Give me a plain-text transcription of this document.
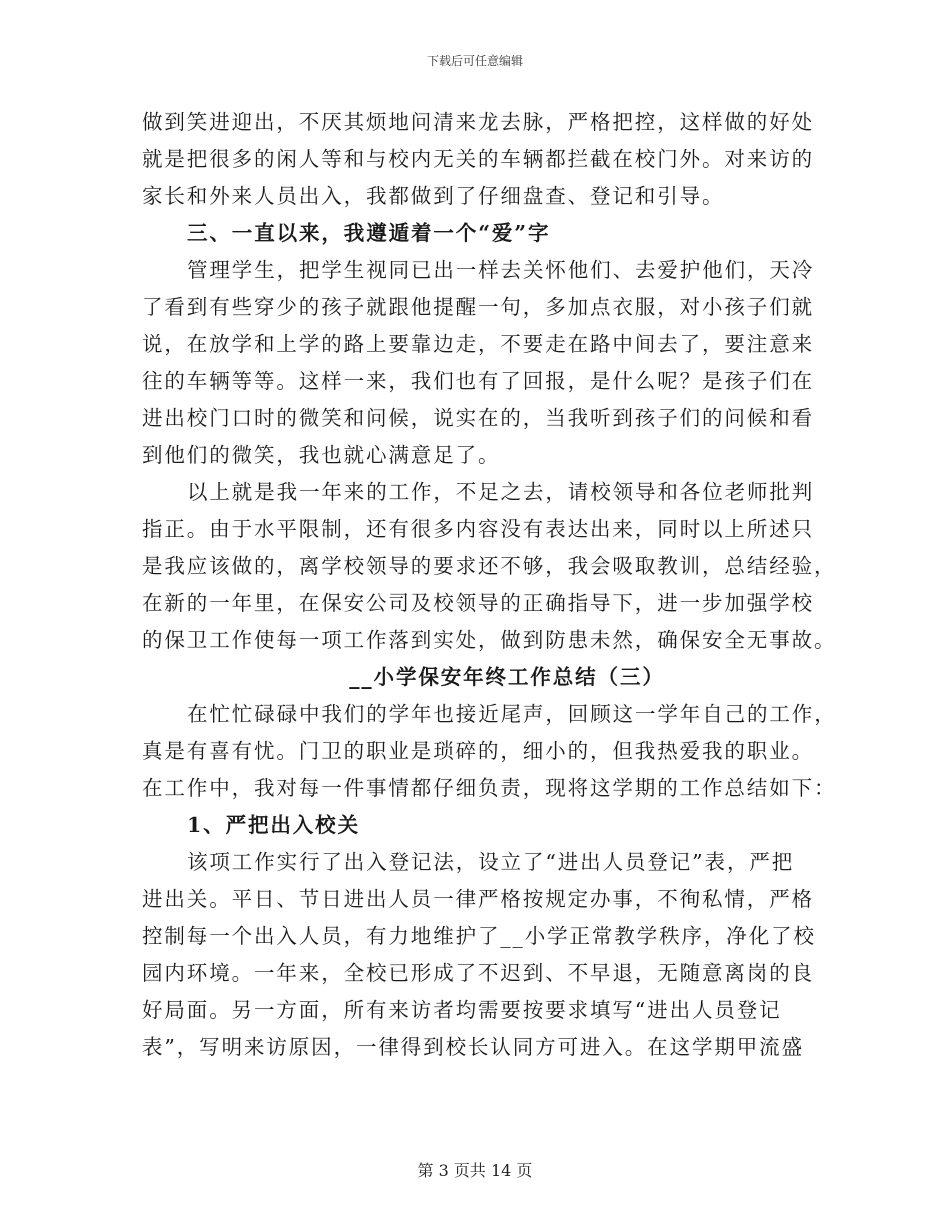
下载后可任意编辑
做到笑进迎出，不厌其烦地问清来龙去脉，严格把控，这样做的好处
就是把很多的闲人等和与校内无关的车辆都拦截在校门外。对来访的
家长和外来人员出入，我都做到了仔细盘查、登记和引导。
三、一直以来，我遵遁着一个“爱”字
管理学生，把学生视同已出一样去关怀他们、去爱护他们，天冷
了看到有些穿少的孩子就跟他提醒一句，多加点衣服，对小孩子们就
说，在放学和上学的路上要靠边走，不要走在路中间去了，要注意来
往的车辆等等。这样一来，我们也有了回报，是什么呢？是孩子们在
进出校门口时的微笑和问候，说实在的，当我听到孩子们的问候和看
到他们的微笑，我也就心满意足了。
以上就是我一年来的工作，不足之去，请校领导和各位老师批判
指正。由于水平限制，还有很多内容没有表达出来，同时以上所述只
是我应该做的，离学校领导的要求还不够，我会吸取教训，总结经验，
在新的一年里，在保安公司及校领导的正确指导下，进一步加强学校
的保卫工作使每一项工作落到实处，做到防患未然，确保安全无事故。
__小学保安年终工作总结（三）
在忙忙碌碌中我们的学年也接近尾声，回顾这一学年自己的工作，
真是有喜有忧。门卫的职业是琐碎的，细小的，但我热爱我的职业。
在工作中，我对每一件事情都仔细负责，现将这学期的工作总结如下：
1、严把出入校关
该项工作实行了出入登记法，设立了“进出人员登记”表，严把
进出关。平日、节日进出人员一律严格按规定办事，不徇私情，严格
控制每一个出入人员，有力地维护了__小学正常教学秩序，净化了校
园内环境。一年来，全校已形成了不迟到、不早退，无随意离岗的良
好局面。另一方面，所有来访者均需要按要求填写“进出人员登记
表”，写明来访原因，一律得到校长认同方可进入。在这学期甲流盛
第 3 页共 14 页
